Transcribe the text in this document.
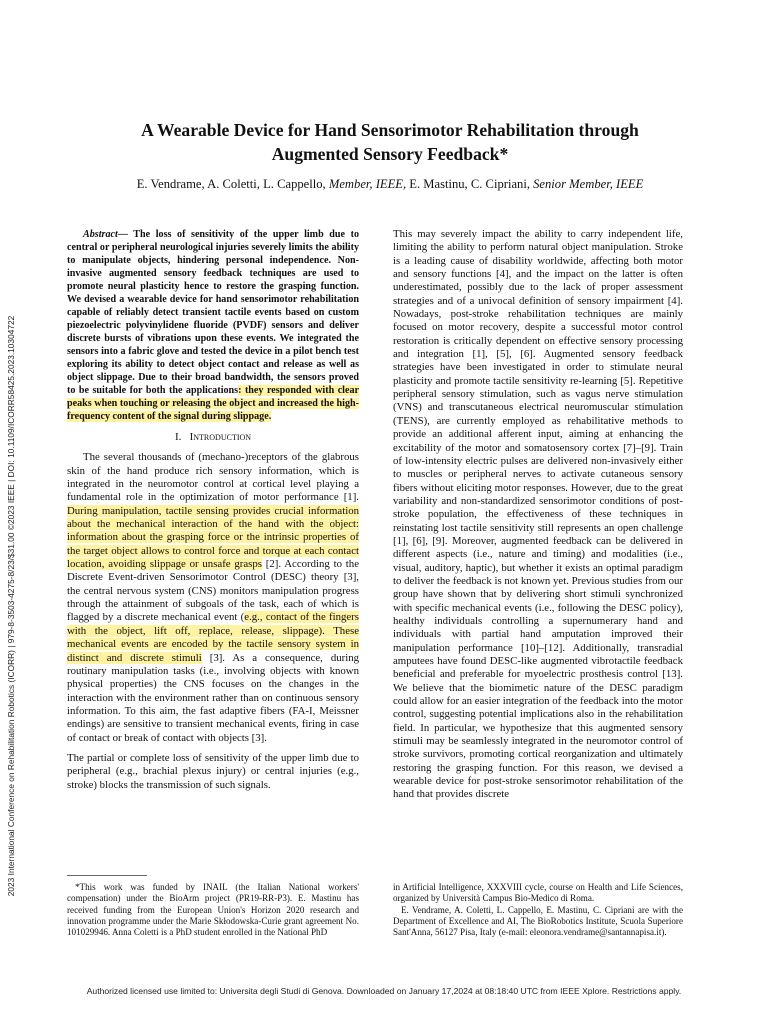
2023 International Conference on Rehabilitation Robotics (ICORR) | 979-8-3503-4275-8/23/$31.00 ©2023 IEEE | DOI: 10.1109/ICORR58425.2023.10304722
A Wearable Device for Hand Sensorimotor Rehabilitation through
Augmented Sensory Feedback*
E. Vendrame, A. Coletti, L. Cappello, Member, IEEE, E. Mastinu, C. Cipriani, Senior Member, IEEE

Abstract— The loss of sensitivity of the upper limb due to central or peripheral neurological injuries severely limits the ability to manipulate objects, hindering personal independence. Non-invasive augmented sensory feedback techniques are used to promote neural plasticity hence to restore the grasping function. We devised a wearable device for hand sensorimotor rehabilitation capable of reliably detect transient tactile events based on custom piezoelectric polyvinylidene fluoride (PVDF) sensors and deliver discrete bursts of vibrations upon these events. We integrated the sensors into a fabric glove and tested the device in a pilot bench test exploring its ability to detect object contact and release as well as object slippage. Due to their broad bandwidth, the sensors proved to be suitable for both the applications: they responded with clear peaks when touching or releasing the object and increased the high-frequency content of the signal during slippage.

I. Introduction

The several thousands of (mechano-)receptors of the glabrous skin of the hand produce rich sensory information, which is integrated in the neuromotor control at cortical level playing a fundamental role in the optimization of motor performance [1]. During manipulation, tactile sensing provides crucial information about the mechanical interaction of the hand with the object: information about the grasping force or the intrinsic properties of the target object allows to control force and torque at each contact location, avoiding slippage or unsafe grasps [2]. According to the Discrete Event-driven Sensorimotor Control (DESC) theory [3], the central nervous system (CNS) monitors manipulation progress through the attainment of subgoals of the task, each of which is flagged by a discrete mechanical event (e.g., contact of the fingers with the object, lift off, replace, release, slippage). These mechanical events are encoded by the tactile sensory system in distinct and discrete stimuli [3]. As a consequence, during routinary manipulation tasks (i.e., involving objects with known physical properties) the CNS focuses on the changes in the interaction with the environment rather than on continuous sensory information. To this aim, the fast adaptive fibers (FA-I, Meissner endings) are sensitive to transient mechanical events, firing in case of contact or break of contact with objects [3].

The partial or complete loss of sensitivity of the upper limb due to peripheral (e.g., brachial plexus injury) or central injuries (e.g., stroke) blocks the transmission of such signals.

This may severely impact the ability to carry independent life, limiting the ability to perform natural object manipulation. Stroke is a leading cause of disability worldwide, affecting both motor and sensory functions [4], and the impact on the latter is often underestimated, possibly due to the lack of proper assessment strategies and of a univocal definition of sensory impairment [4]. Nowadays, post-stroke rehabilitation techniques are mainly focused on motor recovery, despite a successful motor control restoration is critically dependent on effective sensory processing and integration [1], [5], [6]. Augmented sensory feedback strategies have been investigated in order to stimulate neural plasticity and promote tactile sensitivity re-learning [5]. Repetitive peripheral sensory stimulation, such as vagus nerve stimulation (VNS) and transcutaneous electrical neuromuscular stimulation (TENS), are currently employed as rehabilitative methods to provide an additional afferent input, aiming at enhancing the excitability of the motor and somatosensory cortex [7]–[9]. Train of low-intensity electric pulses are delivered non-invasively either to muscles or peripheral nerves to activate cutaneous sensory fibers without eliciting motor responses. However, due to the great variability and non-standardized sensorimotor conditions of post-stroke population, the effectiveness of these techniques in reinstating lost tactile sensitivity still represents an open challenge [1], [6], [9]. Moreover, augmented feedback can be delivered in different aspects (i.e., nature and timing) and modalities (i.e., visual, auditory, haptic), but whether it exists an optimal paradigm to deliver the feedback is not known yet. Previous studies from our group have shown that by delivering short stimuli synchronized with specific mechanical events (i.e., following the DESC policy), healthy individuals controlling a supernumerary hand and individuals with partial hand amputation improved their manipulation performance [10]–[12]. Additionally, transradial amputees have found DESC-like augmented vibrotactile feedback beneficial and preferable for myoelectric prosthesis control [13]. We believe that the biomimetic nature of the DESC paradigm could allow for an easier integration of the feedback into the motor control, suggesting potential implications also in the rehabilitation field. In particular, we hypothesize that this augmented sensory stimuli may be seamlessly integrated in the neuromotor control of stroke survivors, promoting cortical reorganization and ultimately restoring the grasping function. For this reason, we devised a wearable device for post-stroke sensorimotor rehabilitation of the hand that provides discrete

*This work was funded by INAIL (the Italian National workers' compensation) under the BioArm project (PR19-RR-P3). E. Mastinu has received funding from the European Union's Horizon 2020 research and innovation programme under the Marie Skłodowska-Curie grant agreement No. 101029946. Anna Coletti is a PhD student enrolled in the National PhD

in Artificial Intelligence, XXXVIII cycle, course on Health and Life Sciences, organized by Università Campus Bio-Medico di Roma.

E. Vendrame, A. Coletti, L. Cappello, E. Mastinu, C. Cipriani are with the Department of Excellence and AI, The BioRobotics Institute, Scuola Superiore Sant'Anna, 56127 Pisa, Italy (e-mail: eleonora.vendrame@santannapisa.it).

Authorized licensed use limited to: Universita degli Studi di Genova. Downloaded on January 17,2024 at 08:18:40 UTC from IEEE Xplore. Restrictions apply.
